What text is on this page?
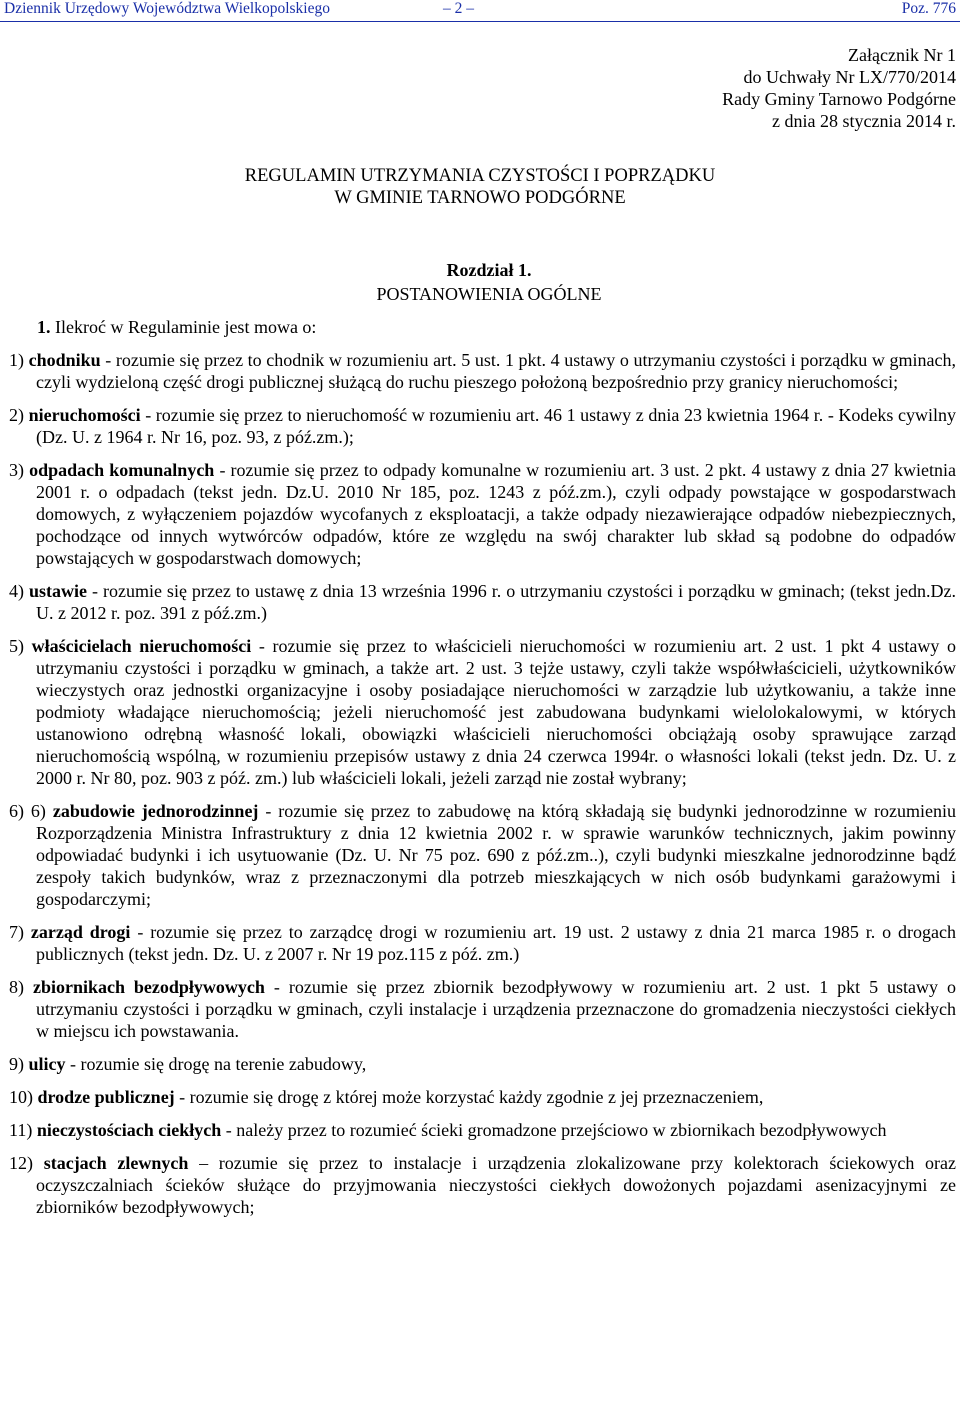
Dziennik Urzędowy Województwa Wielkopolskiego	– 2 –	Poz. 776
Załącznik Nr 1
do Uchwały Nr LX/770/2014
Rady Gminy Tarnowo Podgórne
z dnia 28 stycznia 2014 r.
REGULAMIN UTRZYMANIA CZYSTOŚCI I POPRZĄDKU
W GMINIE TARNOWO PODGÓRNE
Rozdział 1.
POSTANOWIENIA OGÓLNE
1. Ilekroć w Regulaminie jest mowa o:
1) chodniku - rozumie się przez to chodnik w rozumieniu art. 5 ust. 1 pkt. 4 ustawy o utrzymaniu czystości i porządku w gminach, czyli wydzieloną część drogi publicznej służącą do ruchu pieszego położoną bezpośrednio przy granicy nieruchomości;
2) nieruchomości - rozumie się przez to nieruchomość w rozumieniu art. 46 1 ustawy z dnia 23 kwietnia 1964 r. - Kodeks cywilny (Dz. U. z 1964 r. Nr 16, poz. 93, z póź.zm.);
3) odpadach komunalnych - rozumie się przez to odpady komunalne w rozumieniu art. 3 ust. 2 pkt. 4 ustawy z dnia 27 kwietnia 2001 r. o odpadach (tekst jedn. Dz.U. 2010 Nr 185, poz. 1243 z póź.zm.), czyli odpady powstające w gospodarstwach domowych, z wyłączeniem pojazdów wycofanych z eksploatacji, a także odpady niezawierające odpadów niebezpiecznych, pochodzące od innych wytwórców odpadów, które ze względu na swój charakter lub skład są podobne do odpadów powstających w gospodarstwach domowych;
4) ustawie - rozumie się przez to ustawę z dnia 13 września 1996 r. o utrzymaniu czystości i porządku w gminach; (tekst jedn.Dz. U. z 2012 r. poz. 391 z póź.zm.)
5) właścicielach nieruchomości - rozumie się przez to właścicieli nieruchomości w rozumieniu art. 2 ust. 1 pkt 4 ustawy o utrzymaniu czystości i porządku w gminach, a także art. 2 ust. 3 tejże ustawy, czyli także współwłaścicieli, użytkowników wieczystych oraz jednostki organizacyjne i osoby posiadające nieruchomości w zarządzie lub użytkowaniu, a także inne podmioty władające nieruchomością; jeżeli nieruchomość jest zabudowana budynkami wielolokalowymi, w których ustanowiono odrębną własność lokali, obowiązki właścicieli nieruchomości obciążają osoby sprawujące zarząd nieruchomością wspólną, w rozumieniu przepisów ustawy z dnia 24 czerwca 1994r. o własności lokali (tekst jedn. Dz. U. z 2000 r. Nr 80, poz. 903 z póź. zm.) lub właścicieli lokali, jeżeli zarząd nie został wybrany;
6) 6) zabudowie jednorodzinnej - rozumie się przez to zabudowę na którą składają się budynki jednorodzinne w rozumieniu Rozporządzenia Ministra Infrastruktury z dnia 12 kwietnia 2002 r. w sprawie warunków technicznych, jakim powinny odpowiadać budynki i ich usytuowanie (Dz. U. Nr 75 poz. 690 z póź.zm..), czyli budynki mieszkalne jednorodzinne bądź zespoły takich budynków, wraz z przeznaczonymi dla potrzeb mieszkających w nich osób budynkami garażowymi i gospodarczymi;
7) zarząd drogi - rozumie się przez to zarządcę drogi w rozumieniu art. 19 ust. 2 ustawy z dnia 21 marca 1985 r. o drogach publicznych (tekst jedn. Dz. U. z 2007 r. Nr 19 poz.115 z póź. zm.)
8) zbiornikach bezodpływowych - rozumie się przez zbiornik bezodpływowy w rozumieniu art. 2 ust. 1 pkt 5 ustawy o utrzymaniu czystości i porządku w gminach, czyli instalacje i urządzenia przeznaczone do gromadzenia nieczystości ciekłych w miejscu ich powstawania.
9) ulicy - rozumie się drogę na terenie zabudowy,
10) drodze publicznej - rozumie się drogę z której może korzystać każdy zgodnie z jej przeznaczeniem,
11) nieczystościach ciekłych - należy przez to rozumieć ścieki gromadzone przejściowo w zbiornikach bezodpływowych
12) stacjach zlewnych – rozumie się przez to instalacje i urządzenia zlokalizowane przy kolektorach ściekowych oraz oczyszczalniach ścieków służące do przyjmowania nieczystości ciekłych dowożonych pojazdami asenizacyjnymi ze zbiorników bezodpływowych;
